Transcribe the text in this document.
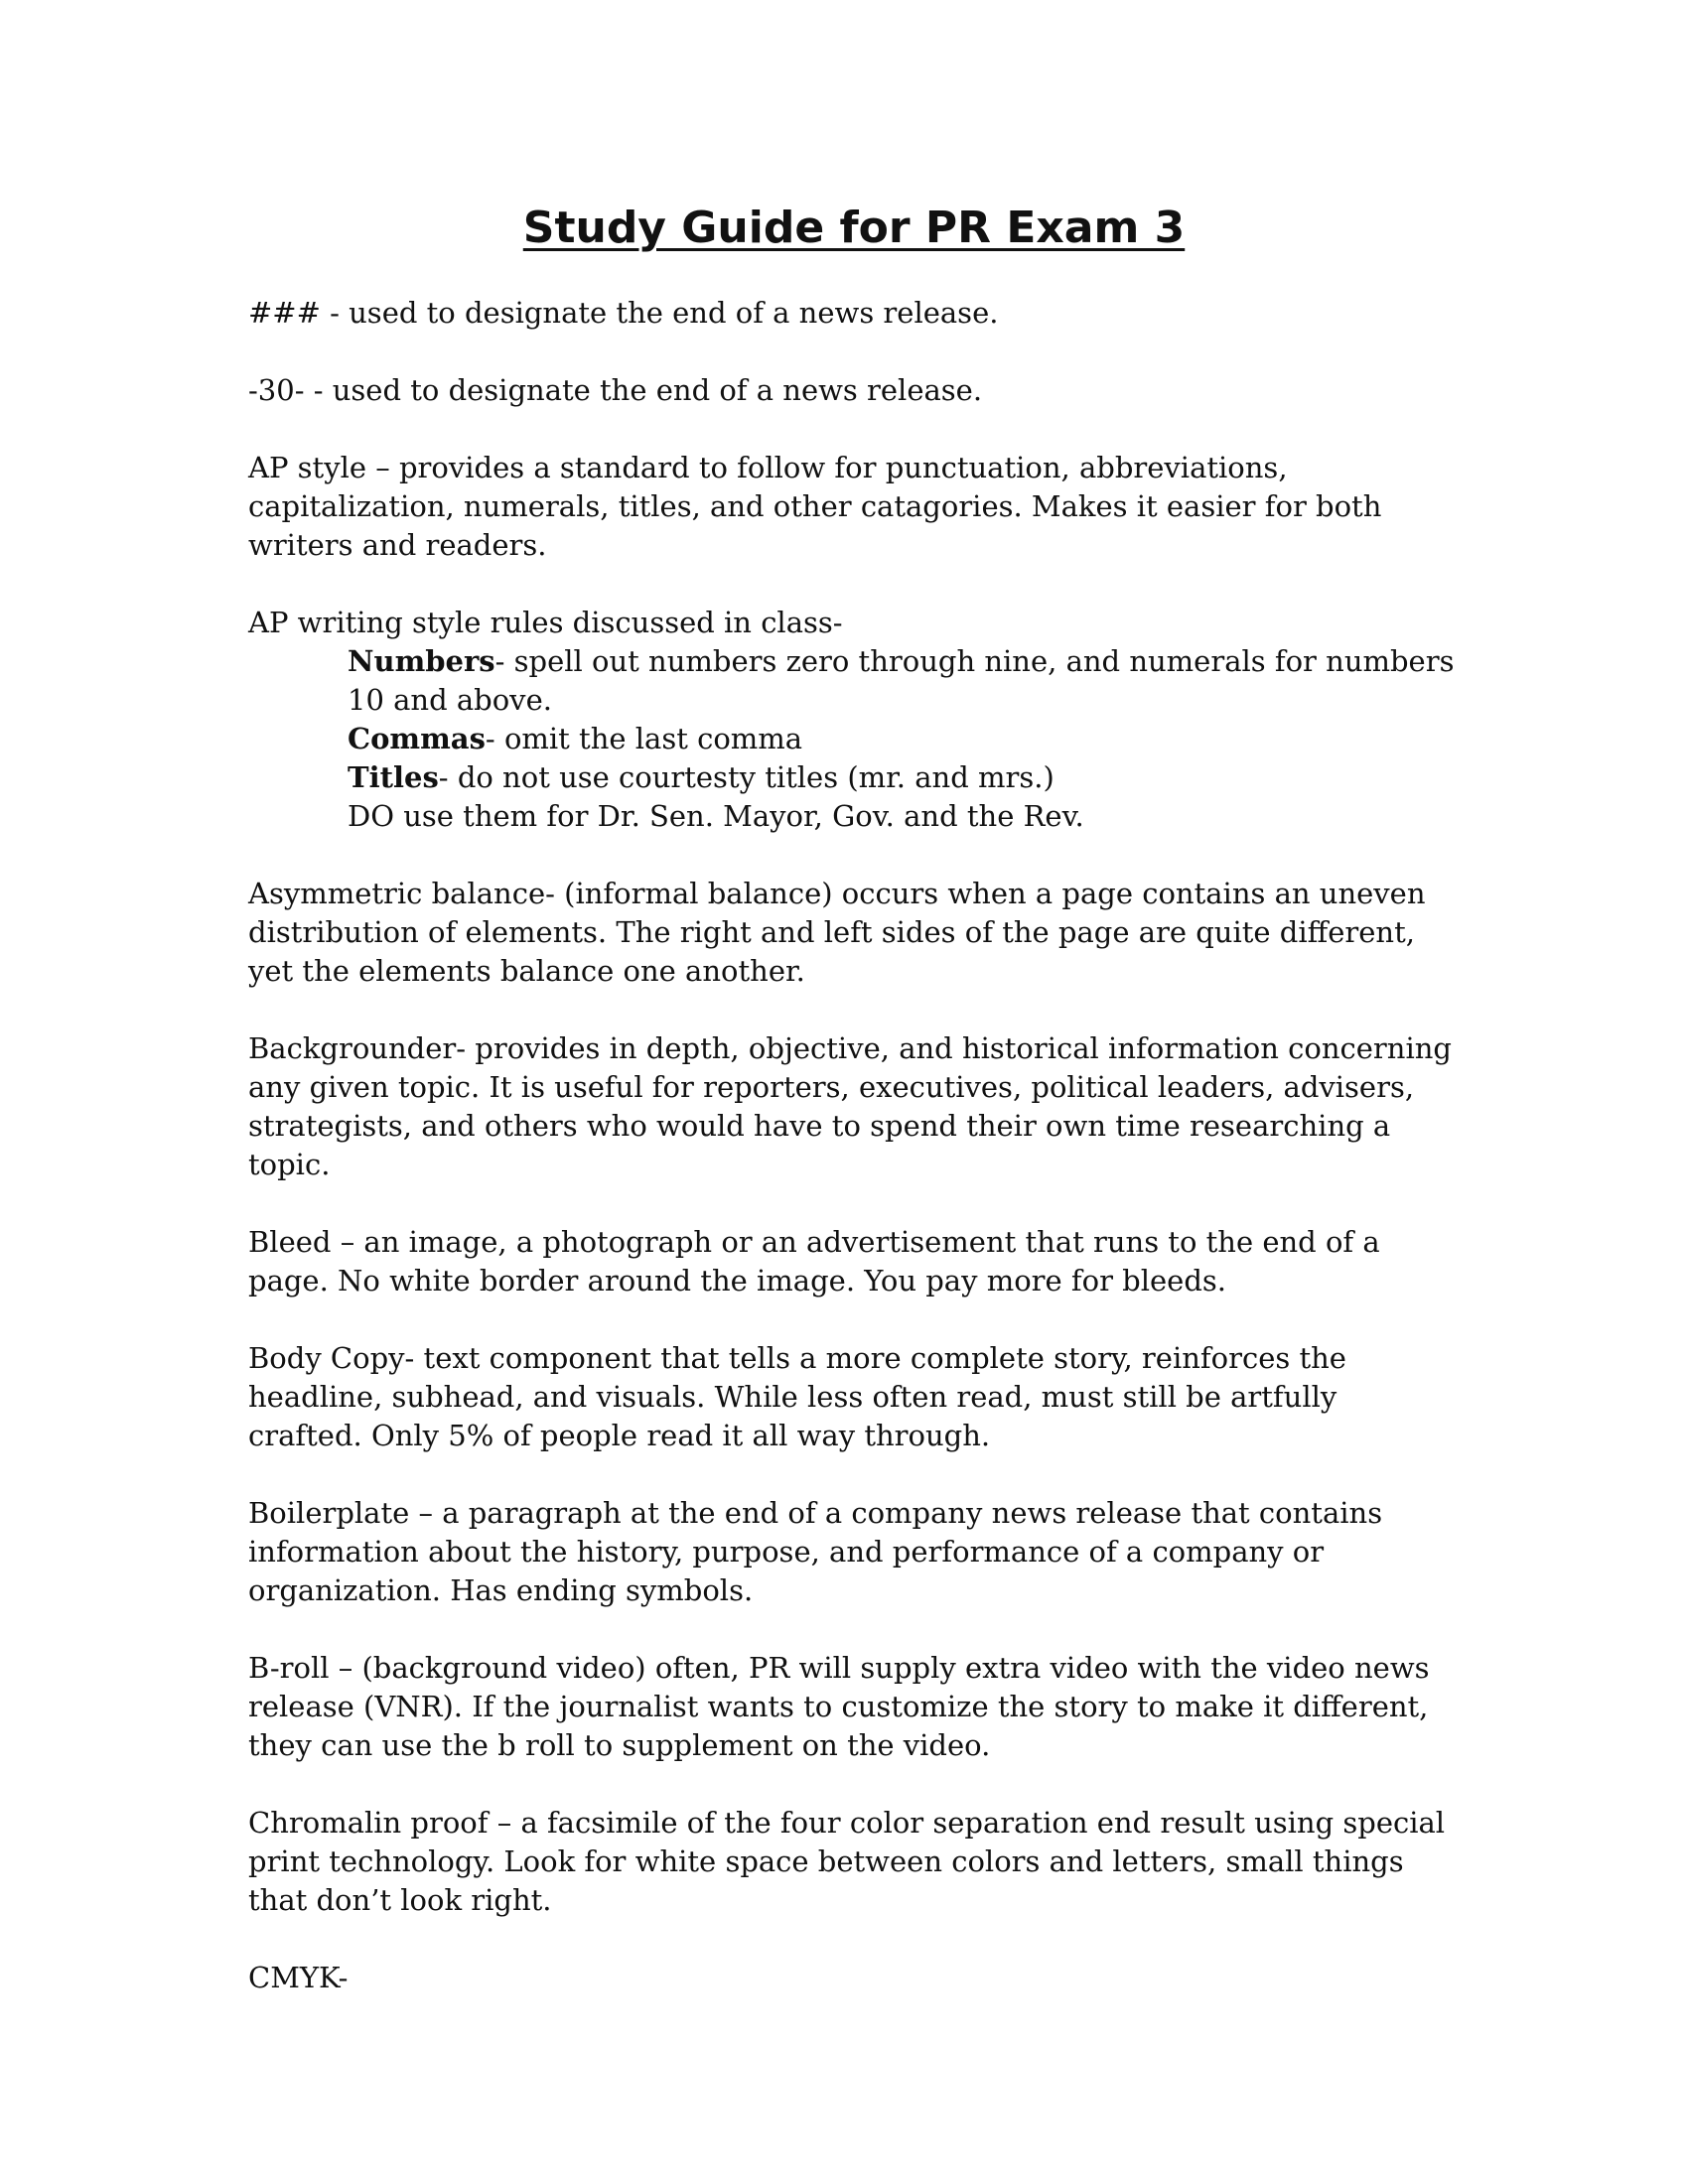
Study Guide for PR Exam 3

### - used to designate the end of a news release.

-30- - used to designate the end of a news release.

AP style – provides a standard to follow for punctuation, abbreviations, capitalization, numerals, titles, and other catagories. Makes it easier for both writers and readers.

AP writing style rules discussed in class-
Numbers- spell out numbers zero through nine, and numerals for numbers 10 and above.
Commas- omit the last comma
Titles- do not use courtesty titles (mr. and mrs.)
DO use them for Dr. Sen. Mayor, Gov. and the Rev.

Asymmetric balance- (informal balance) occurs when a page contains an uneven distribution of elements. The right and left sides of the page are quite different, yet the elements balance one another.

Backgrounder- provides in depth, objective, and historical information concerning any given topic. It is useful for reporters, executives, political leaders, advisers, strategists, and others who would have to spend their own time researching a topic.

Bleed – an image, a photograph or an advertisement that runs to the end of a page. No white border around the image. You pay more for bleeds.

Body Copy- text component that tells a more complete story, reinforces the headline, subhead, and visuals. While less often read, must still be artfully crafted. Only 5% of people read it all way through.

Boilerplate – a paragraph at the end of a company news release that contains information about the history, purpose, and performance of a company or organization. Has ending symbols.

B-roll – (background video) often, PR will supply extra video with the video news release (VNR). If the journalist wants to customize the story to make it different, they can use the b roll to supplement on the video.

Chromalin proof – a facsimile of the four color separation end result using special print technology. Look for white space between colors and letters, small things that don’t look right.

CMYK-
